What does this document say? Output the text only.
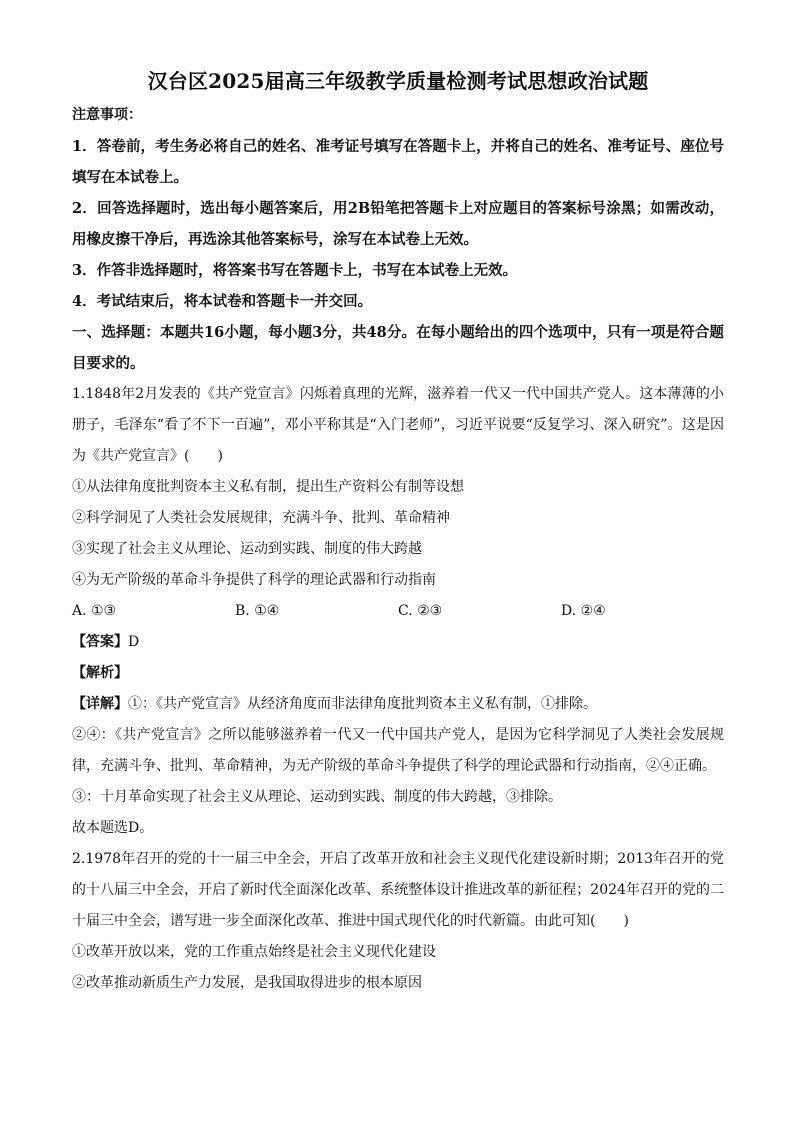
汉台区2025届高三年级教学质量检测考试思想政治试题
注意事项：
1．答卷前，考生务必将自己的姓名、准考证号填写在答题卡上，并将自己的姓名、准考证号、座位号填写在本试卷上。
2．回答选择题时，选出每小题答案后，用2B铅笔把答题卡上对应题目的答案标号涂黑；如需改动，用橡皮擦干净后，再选涂其他答案标号，涂写在本试卷上无效。
3．作答非选择题时，将答案书写在答题卡上，书写在本试卷上无效。
4．考试结束后，将本试卷和答题卡一并交回。
一、选择题：本题共16小题，每小题3分，共48分。在每小题给出的四个选项中，只有一项是符合题目要求的。
1.1848年2月发表的《共产党宣言》闪烁着真理的光辉，滋养着一代又一代中国共产党人。这本薄薄的小册子，毛泽东“看了不下一百遍”，邓小平称其是“入门老师”，习近平说要“反复学习、深入研究”。这是因为《共产党宣言》(　　)
①从法律角度批判资本主义私有制，提出生产资料公有制等设想
②科学洞见了人类社会发展规律，充满斗争、批判、革命精神
③实现了社会主义从理论、运动到实践、制度的伟大跨越
④为无产阶级的革命斗争提供了科学的理论武器和行动指南
A. ①③	B. ①④	C. ②③	D. ②④
【答案】D
【解析】
【详解】①：《共产党宣言》从经济角度而非法律角度批判资本主义私有制，①排除。
②④：《共产党宣言》之所以能够滋养着一代又一代中国共产党人，是因为它科学洞见了人类社会发展规律，充满斗争、批判、革命精神，为无产阶级的革命斗争提供了科学的理论武器和行动指南，②④正确。
③：十月革命实现了社会主义从理论、运动到实践、制度的伟大跨越，③排除。
故本题选D。
2.1978年召开的党的十一届三中全会，开启了改革开放和社会主义现代化建设新时期；2013年召开的党的十八届三中全会，开启了新时代全面深化改革、系统整体设计推进改革的新征程；2024年召开的党的二十届三中全会，谱写进一步全面深化改革、推进中国式现代化的时代新篇。由此可知(　　)
①改革开放以来，党的工作重点始终是社会主义现代化建设
②改革推动新质生产力发展，是我国取得进步的根本原因
